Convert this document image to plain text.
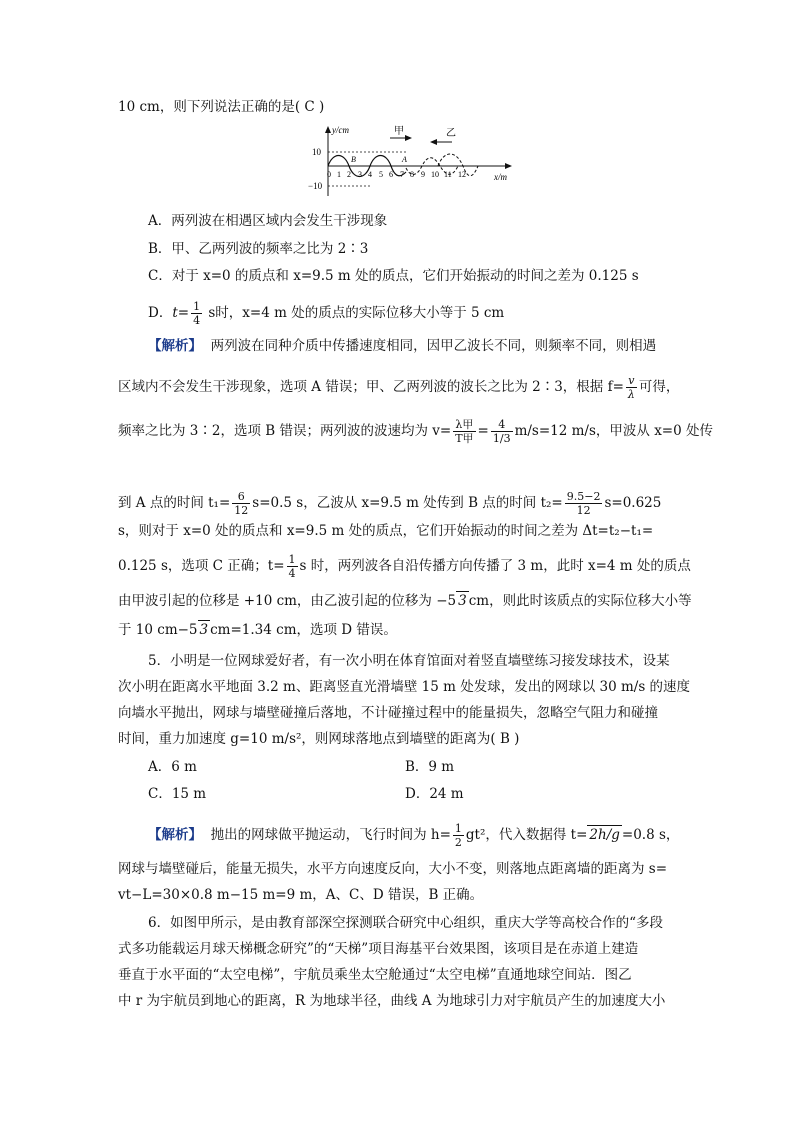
10 cm，则下列说法正确的是( C )
y/cm
10
−10
x/m
甲	乙
A
B
0 1 2 3 4 5 6 7 8 9 10 11 12
A．两列波在相遇区域内会发生干涉现象
B．甲、乙两列波的频率之比为 2∶3
C．对于 x=0 的质点和 x=9.5 m 处的质点，它们开始振动的时间之差为 0.125 s
D．$t= \frac{1}{4}$ s时，x=4 m 处的质点的实际位移大小等于 5 cm
【解析】 两列波在同种介质中传播速度相同，因甲乙波长不同，则频率不同，则相遇
区域内不会发生干涉现象，选项 A 错误；甲、乙两列波的波长之比为 2∶3，根据 $f= \frac{v}{\lambda}$ 可得，
频率之比为 3∶2，选项 B 错误；两列波的波速均为 $v= \frac{\text{λ甲}}{\text{T甲}} = \frac{4}{1/3} m/s=12$ m/s，甲波从 x=0 处传
到 A 点的时间 $t_1= \frac{6}{12} s=0.5$ s，乙波从 x=9.5 m 处传到 B 点的时间 $t_2= \frac{9.5-2}{12} s=0.625$
s，则对于 x=0 处的质点和 x=9.5 m 处的质点，它们开始振动的时间之差为 Δt=t₂−t₁=
0.125 s，选项 C 正确；$t= \frac{1}{4}$ s 时，两列波各自沿传播方向传播了 3 m，此时 x=4 m 处的质点
由甲波引起的位移是 +10 cm，由乙波引起的位移为 −5 3 cm，则此时该质点的实际位移大小等
于 10 cm−5 3 cm=1.34 cm，选项 D 错误。
5．小明是一位网球爱好者，有一次小明在体育馆面对着竖直墙壁练习接发球技术，设某
次小明在距离水平地面 3.2 m、距离竖直光滑墙壁 15 m 处发球，发出的网球以 30 m/s 的速度
向墙水平抛出，网球与墙壁碰撞后落地，不计碰撞过程中的能量损失，忽略空气阻力和碰撞
时间，重力加速度 g=10 m/s²，则网球落地点到墙壁的距离为( B )
A．6 m	B．9 m
C．15 m	D．24 m
【解析】 抛出的网球做平抛运动，飞行时间为 $h= \frac{1}{2} gt^2$，代入数据得 t= 2h/g =0.8 s，
网球与墙壁碰后，能量无损失，水平方向速度反向，大小不变，则落地点距离墙的距离为 s=
vt−L=30×0.8 m−15 m=9 m，A、C、D 错误，B 正确。
6．如图甲所示，是由教育部深空探测联合研究中心组织，重庆大学等高校合作的“多段
式多功能载运月球天梯概念研究”的“天梯”项目海基平台效果图，该项目是在赤道上建造
垂直于水平面的“太空电梯”，宇航员乘坐太空舱通过“太空电梯”直通地球空间站．图乙
中 r 为宇航员到地心的距离，R 为地球半径，曲线 A 为地球引力对宇航员产生的加速度大小
